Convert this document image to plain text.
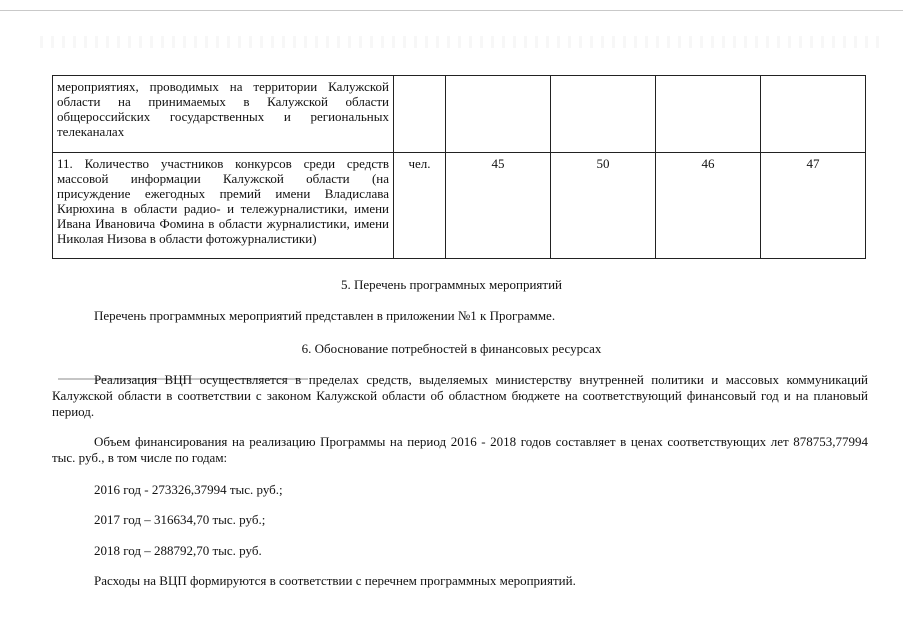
мероприятиях, проводимых на территории Калужской области на принимаемых в Калужской области общероссийских государственных и региональных телеканалах					
11. Количество участников конкурсов среди средств массовой информации Калужской области (на присуждение ежегодных премий имени Владислава Кирюхина в области радио- и тележурналистики, имени Ивана Ивановича Фомина в области журналистики, имени Николая Низова в области фотожурналистики)	чел.	45	50	46	47
5. Перечень программных мероприятий
Перечень программных мероприятий представлен в приложении №1 к Программе.
6. Обоснование потребностей в финансовых ресурсах
Реализация ВЦП осуществляется в пределах средств, выделяемых министерству внутренней политики и массовых коммуникаций Калужской области в соответствии с законом Калужской области об областном бюджете на соответствующий финансовый год и на плановый период.
Объем финансирования на реализацию Программы на период 2016 - 2018 годов составляет в ценах соответствующих лет 878753,77994 тыс. руб., в том числе по годам:
2016 год - 273326,37994 тыс. руб.;
2017 год – 316634,70 тыс. руб.;
2018 год – 288792,70 тыс. руб.
Расходы на ВЦП формируются в соответствии с перечнем программных мероприятий.
